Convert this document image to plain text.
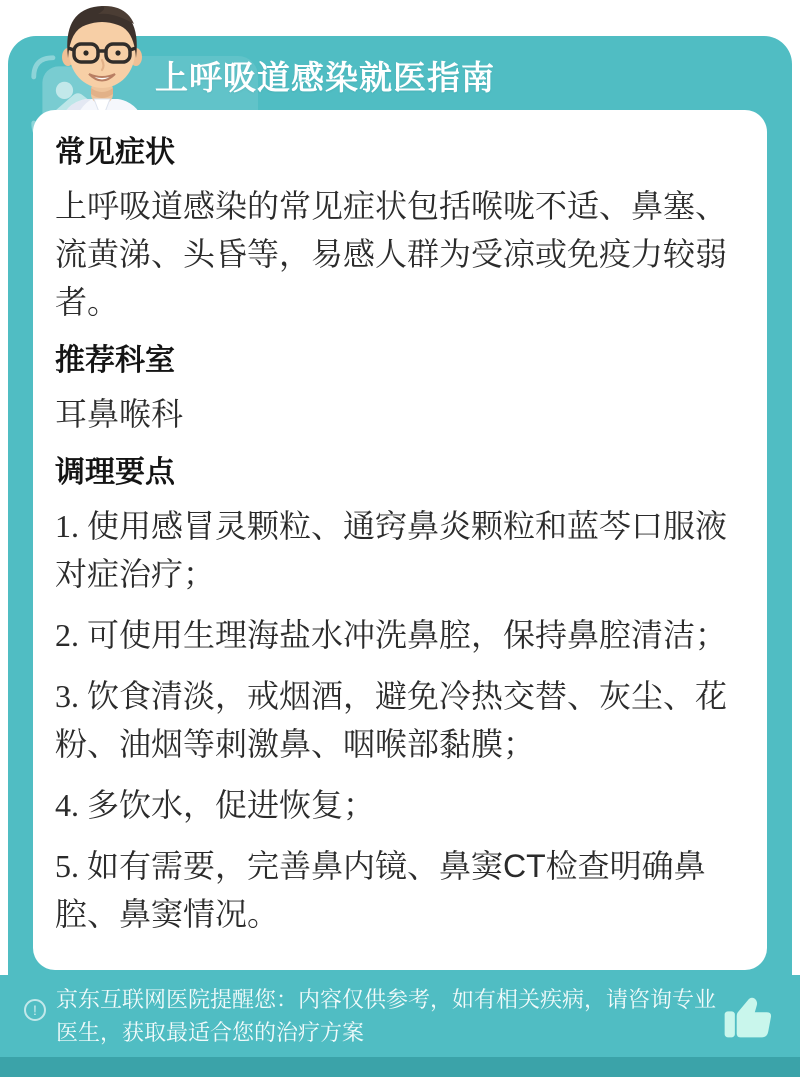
上呼吸道感染就医指南
常见症状

上呼吸道感染的常见症状包括喉咙不适、鼻塞、流黄涕、头昏等，易感人群为受凉或免疫力较弱者。

推荐科室

耳鼻喉科

调理要点
1. 使用感冒灵颗粒、通窍鼻炎颗粒和蓝芩口服液对症治疗；
2. 可使用生理海盐水冲洗鼻腔，保持鼻腔清洁；
3. 饮食清淡，戒烟酒，避免冷热交替、灰尘、花粉、油烟等刺激鼻、咽喉部黏膜；
4. 多饮水，促进恢复；
5. 如有需要，完善鼻内镜、鼻窦CT检查明确鼻腔、鼻窦情况。
! 京东互联网医院提醒您：内容仅供参考，如有相关疾病，请咨询专业医生，获取最适合您的治疗方案
